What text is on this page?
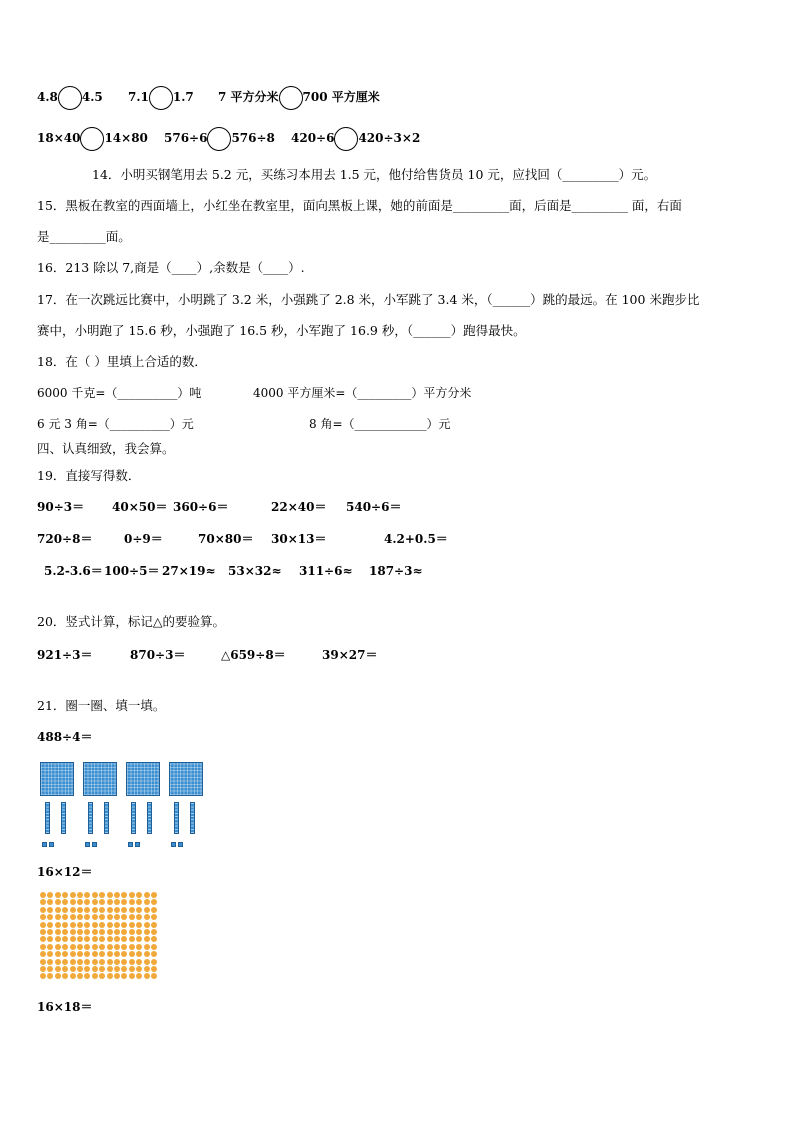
4.8 4.5 7.1 1.7 7 平方分米 700 平方厘米
18×40 14×80 576÷6 576÷8 420÷6 420÷3×2
14．小明买钢笔用去 5.2 元，买练习本用去 1.5 元，他付给售货员 10 元，应找回（_________）元。
15．黑板在教室的西面墙上，小红坐在教室里，面向黑板上课，她的前面是_________面，后面是_________ 面，右面
是_________面。
16．213 除以 7,商是（____）,余数是（____）.
17．在一次跳远比赛中，小明跳了 3.2 米，小强跳了 2.8 米，小军跳了 3.4 米，（______）跳的最远。在 100 米跑步比
赛中，小明跑了 15.6 秒，小强跑了 16.5 秒，小军跑了 16.9 秒，（______）跑得最快。
18．在（ ）里填上合适的数．
6000 千克=（__________）吨	4000 平方厘米=（_________）平方分米
6 元 3 角=（__________）元	8 角=（____________）元
四、认真细致，我会算。
19．直接写得数．
90÷3＝ 40×50＝ 360÷6＝	22×40＝ 540÷6＝
720÷8＝	0÷9＝	70×80＝ 30×13＝	4.2+0.5＝
5.2-3.6＝ 100÷5＝ 27×19≈ 53×32≈ 311÷6≈ 187÷3≈
20．竖式计算，标记△的要验算。
921÷3＝	870÷3＝	△659÷8＝	39×27＝
21．圈一圈、填一填。
488÷4＝
16×12＝
16×18＝
